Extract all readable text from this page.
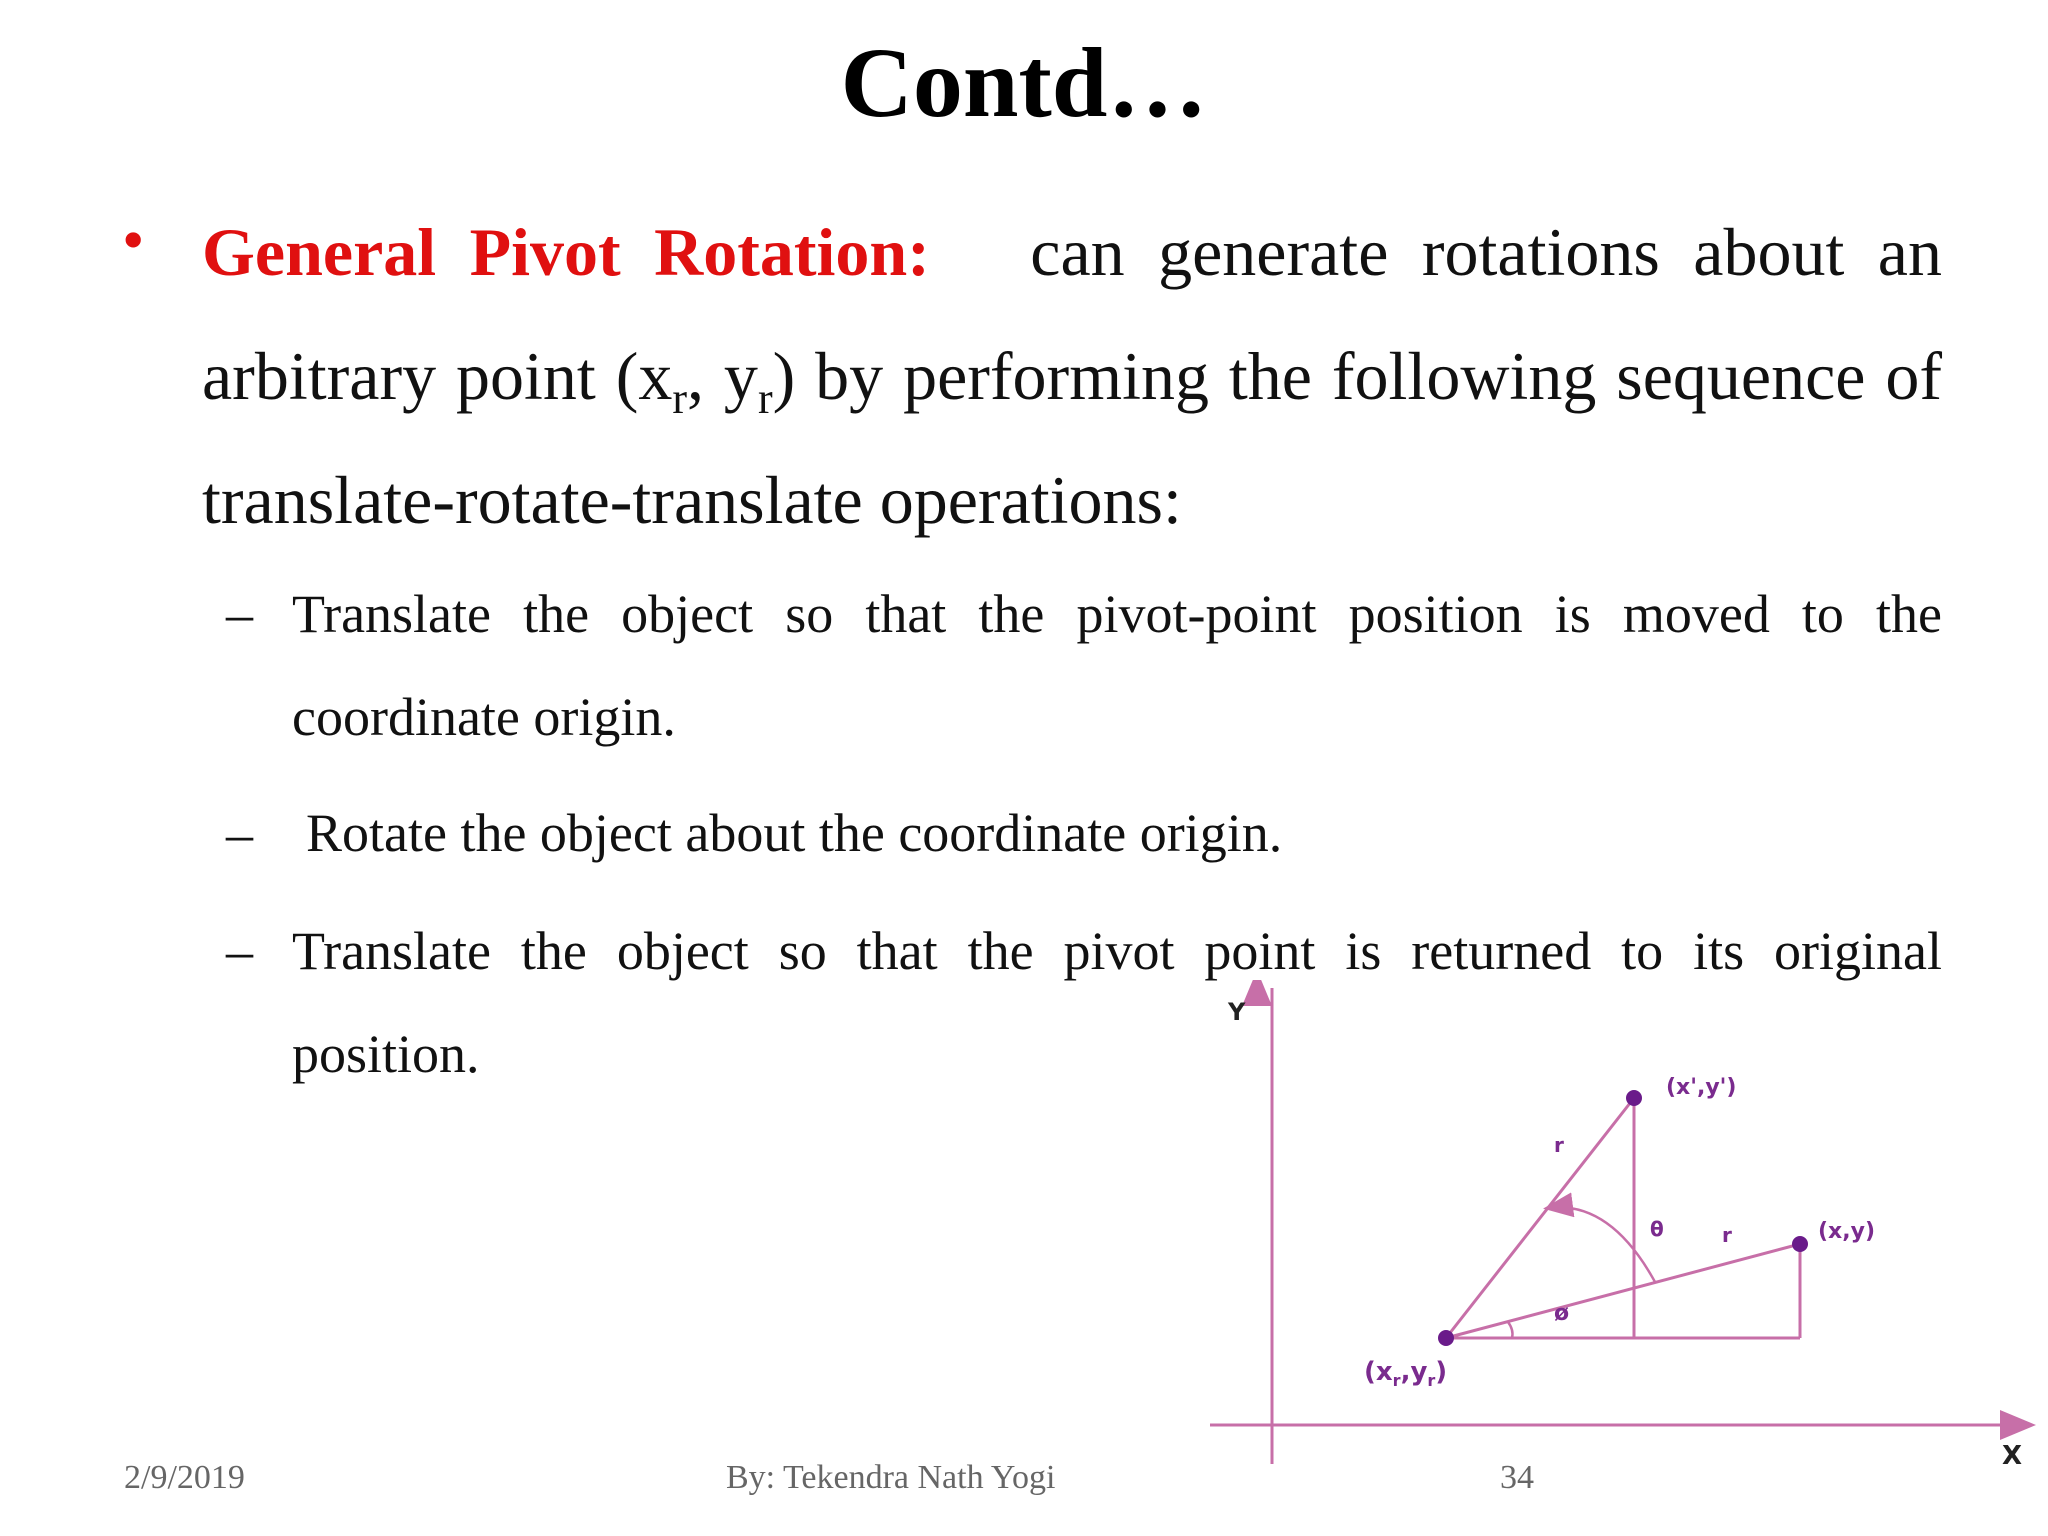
Contd…
• General Pivot Rotation: can generate rotations about an arbitrary point ($x_r$, $y_r$) by performing the following sequence of translate-rotate-translate operations:
– Translate the object so that the pivot-point position is moved to the coordinate origin.
– Rotate the object about the coordinate origin.
– Translate the object so that the pivot point is returned to its original position.
Y
X
(x',y')
(x,y)
r
r
θ
ø
$(x_r,y_r)$
2/9/2019	By: Tekendra Nath Yogi	34
